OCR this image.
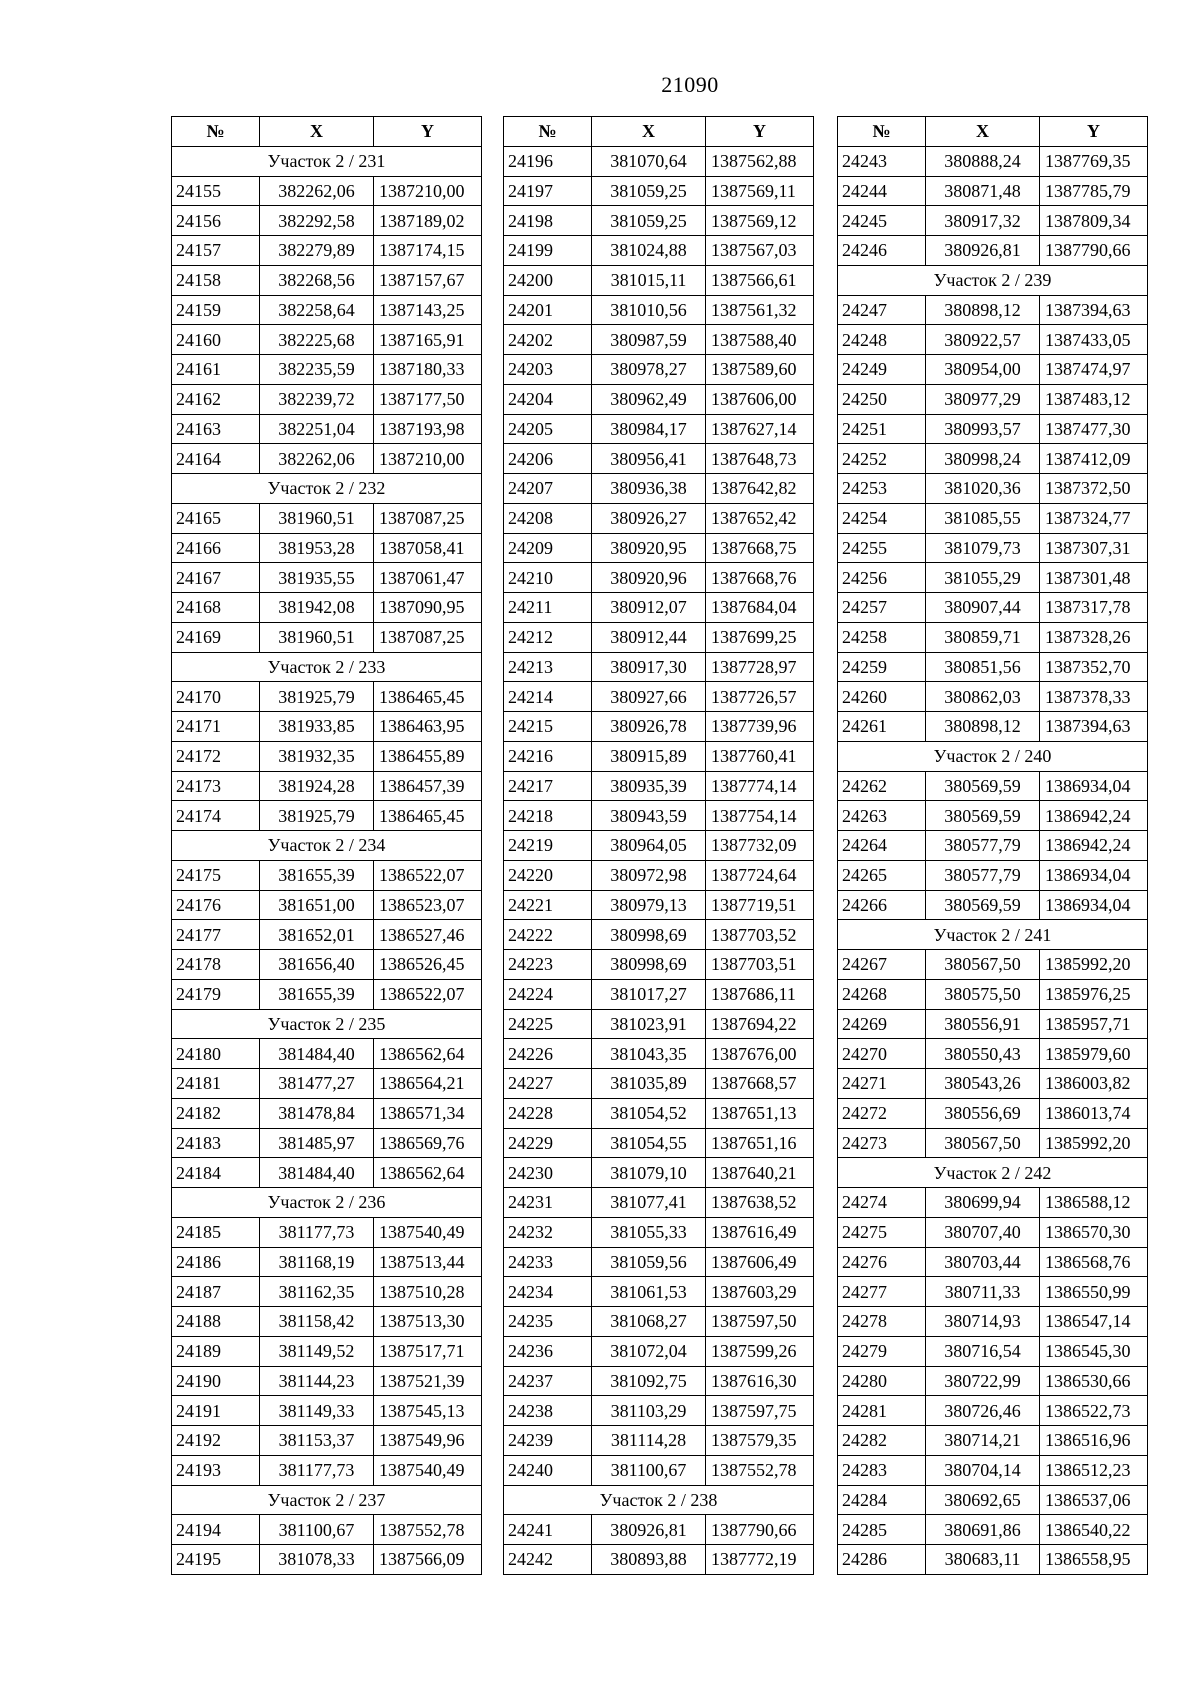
21090
№	X	Y
Участок 2 / 231		
24155	382262,06	1387210,00
24156	382292,58	1387189,02
24157	382279,89	1387174,15
24158	382268,56	1387157,67
24159	382258,64	1387143,25
24160	382225,68	1387165,91
24161	382235,59	1387180,33
24162	382239,72	1387177,50
24163	382251,04	1387193,98
24164	382262,06	1387210,00
Участок 2 / 232		
24165	381960,51	1387087,25
24166	381953,28	1387058,41
24167	381935,55	1387061,47
24168	381942,08	1387090,95
24169	381960,51	1387087,25
Участок 2 / 233		
24170	381925,79	1386465,45
24171	381933,85	1386463,95
24172	381932,35	1386455,89
24173	381924,28	1386457,39
24174	381925,79	1386465,45
Участок 2 / 234		
24175	381655,39	1386522,07
24176	381651,00	1386523,07
24177	381652,01	1386527,46
24178	381656,40	1386526,45
24179	381655,39	1386522,07
Участок 2 / 235		
24180	381484,40	1386562,64
24181	381477,27	1386564,21
24182	381478,84	1386571,34
24183	381485,97	1386569,76
24184	381484,40	1386562,64
Участок 2 / 236		
24185	381177,73	1387540,49
24186	381168,19	1387513,44
24187	381162,35	1387510,28
24188	381158,42	1387513,30
24189	381149,52	1387517,71
24190	381144,23	1387521,39
24191	381149,33	1387545,13
24192	381153,37	1387549,96
24193	381177,73	1387540,49
Участок 2 / 237		
24194	381100,67	1387552,78
24195	381078,33	1387566,09
№	X	Y
24196	381070,64	1387562,88
24197	381059,25	1387569,11
24198	381059,25	1387569,12
24199	381024,88	1387567,03
24200	381015,11	1387566,61
24201	381010,56	1387561,32
24202	380987,59	1387588,40
24203	380978,27	1387589,60
24204	380962,49	1387606,00
24205	380984,17	1387627,14
24206	380956,41	1387648,73
24207	380936,38	1387642,82
24208	380926,27	1387652,42
24209	380920,95	1387668,75
24210	380920,96	1387668,76
24211	380912,07	1387684,04
24212	380912,44	1387699,25
24213	380917,30	1387728,97
24214	380927,66	1387726,57
24215	380926,78	1387739,96
24216	380915,89	1387760,41
24217	380935,39	1387774,14
24218	380943,59	1387754,14
24219	380964,05	1387732,09
24220	380972,98	1387724,64
24221	380979,13	1387719,51
24222	380998,69	1387703,52
24223	380998,69	1387703,51
24224	381017,27	1387686,11
24225	381023,91	1387694,22
24226	381043,35	1387676,00
24227	381035,89	1387668,57
24228	381054,52	1387651,13
24229	381054,55	1387651,16
24230	381079,10	1387640,21
24231	381077,41	1387638,52
24232	381055,33	1387616,49
24233	381059,56	1387606,49
24234	381061,53	1387603,29
24235	381068,27	1387597,50
24236	381072,04	1387599,26
24237	381092,75	1387616,30
24238	381103,29	1387597,75
24239	381114,28	1387579,35
24240	381100,67	1387552,78
Участок 2 / 238		
24241	380926,81	1387790,66
24242	380893,88	1387772,19
№	X	Y
24243	380888,24	1387769,35
24244	380871,48	1387785,79
24245	380917,32	1387809,34
24246	380926,81	1387790,66
Участок 2 / 239		
24247	380898,12	1387394,63
24248	380922,57	1387433,05
24249	380954,00	1387474,97
24250	380977,29	1387483,12
24251	380993,57	1387477,30
24252	380998,24	1387412,09
24253	381020,36	1387372,50
24254	381085,55	1387324,77
24255	381079,73	1387307,31
24256	381055,29	1387301,48
24257	380907,44	1387317,78
24258	380859,71	1387328,26
24259	380851,56	1387352,70
24260	380862,03	1387378,33
24261	380898,12	1387394,63
Участок 2 / 240		
24262	380569,59	1386934,04
24263	380569,59	1386942,24
24264	380577,79	1386942,24
24265	380577,79	1386934,04
24266	380569,59	1386934,04
Участок 2 / 241		
24267	380567,50	1385992,20
24268	380575,50	1385976,25
24269	380556,91	1385957,71
24270	380550,43	1385979,60
24271	380543,26	1386003,82
24272	380556,69	1386013,74
24273	380567,50	1385992,20
Участок 2 / 242		
24274	380699,94	1386588,12
24275	380707,40	1386570,30
24276	380703,44	1386568,76
24277	380711,33	1386550,99
24278	380714,93	1386547,14
24279	380716,54	1386545,30
24280	380722,99	1386530,66
24281	380726,46	1386522,73
24282	380714,21	1386516,96
24283	380704,14	1386512,23
24284	380692,65	1386537,06
24285	380691,86	1386540,22
24286	380683,11	1386558,95
